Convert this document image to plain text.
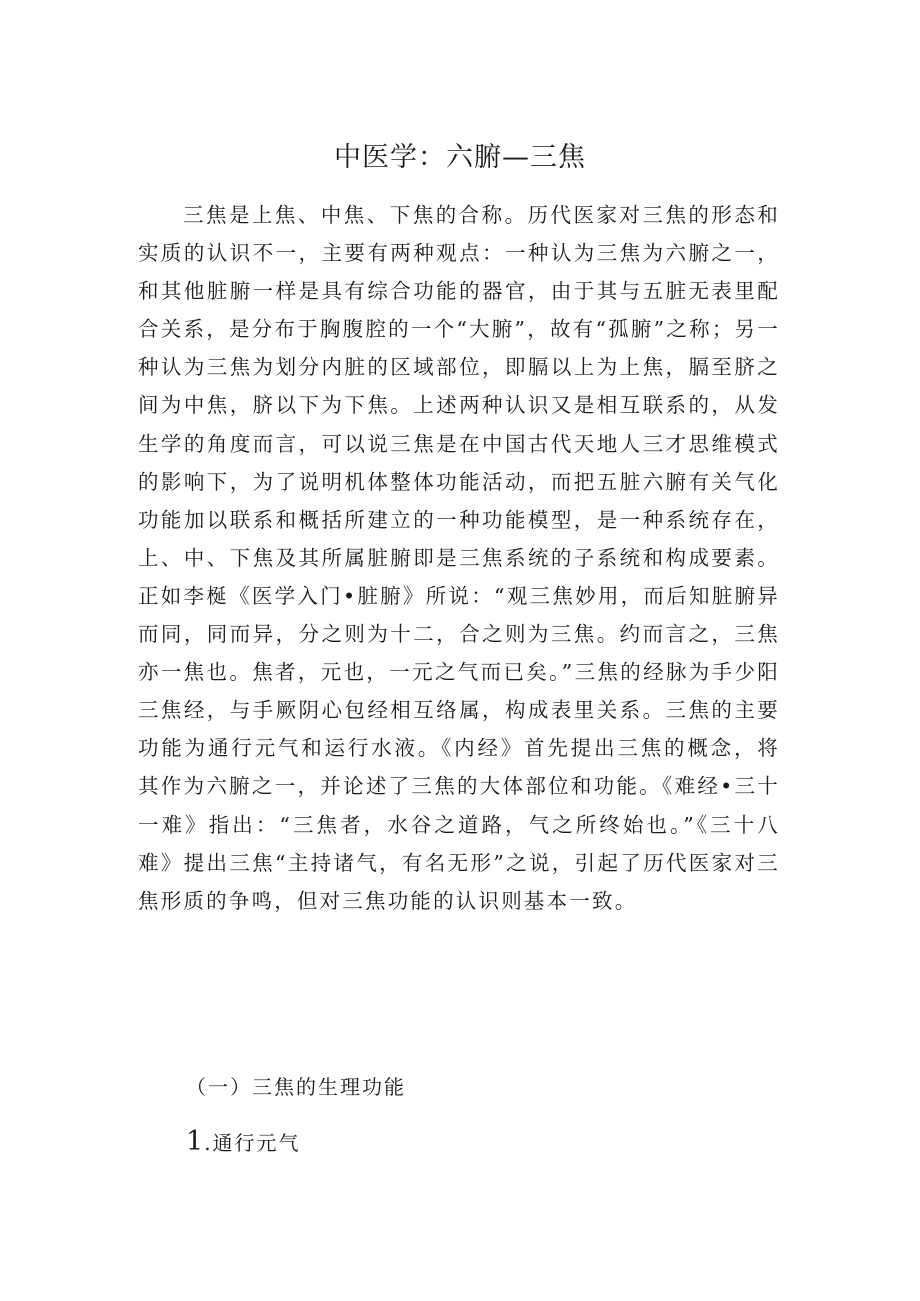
中医学：六腑—三焦

三焦是上焦、中焦、下焦的合称。历代医家对三焦的形态和实质的认识不一，主要有两种观点：一种认为三焦为六腑之一，和其他脏腑一样是具有综合功能的器官，由于其与五脏无表里配合关系，是分布于胸腹腔的一个“大腑”，故有“孤腑”之称；另一种认为三焦为划分内脏的区域部位，即膈以上为上焦，膈至脐之间为中焦，脐以下为下焦。上述两种认识又是相互联系的，从发生学的角度而言，可以说三焦是在中国古代天地人三才思维模式的影响下，为了说明机体整体功能活动，而把五脏六腑有关气化功能加以联系和概括所建立的一种功能模型，是一种系统存在，上、中、下焦及其所属脏腑即是三焦系统的子系统和构成要素。正如李梴《医学入门•脏腑》所说：“观三焦妙用，而后知脏腑异而同，同而异，分之则为十二，合之则为三焦。约而言之，三焦亦一焦也。焦者，元也，一元之气而已矣。”三焦的经脉为手少阳三焦经，与手厥阴心包经相互络属，构成表里关系。三焦的主要功能为通行元气和运行水液。《内经》首先提出三焦的概念，将其作为六腑之一，并论述了三焦的大体部位和功能。《难经•三十一难》指出：“三焦者，水谷之道路，气之所终始也。”《三十八难》提出三焦“主持诸气，有名无形”之说，引起了历代医家对三焦形质的争鸣，但对三焦功能的认识则基本一致。

（一）三焦的生理功能
1.通行元气
